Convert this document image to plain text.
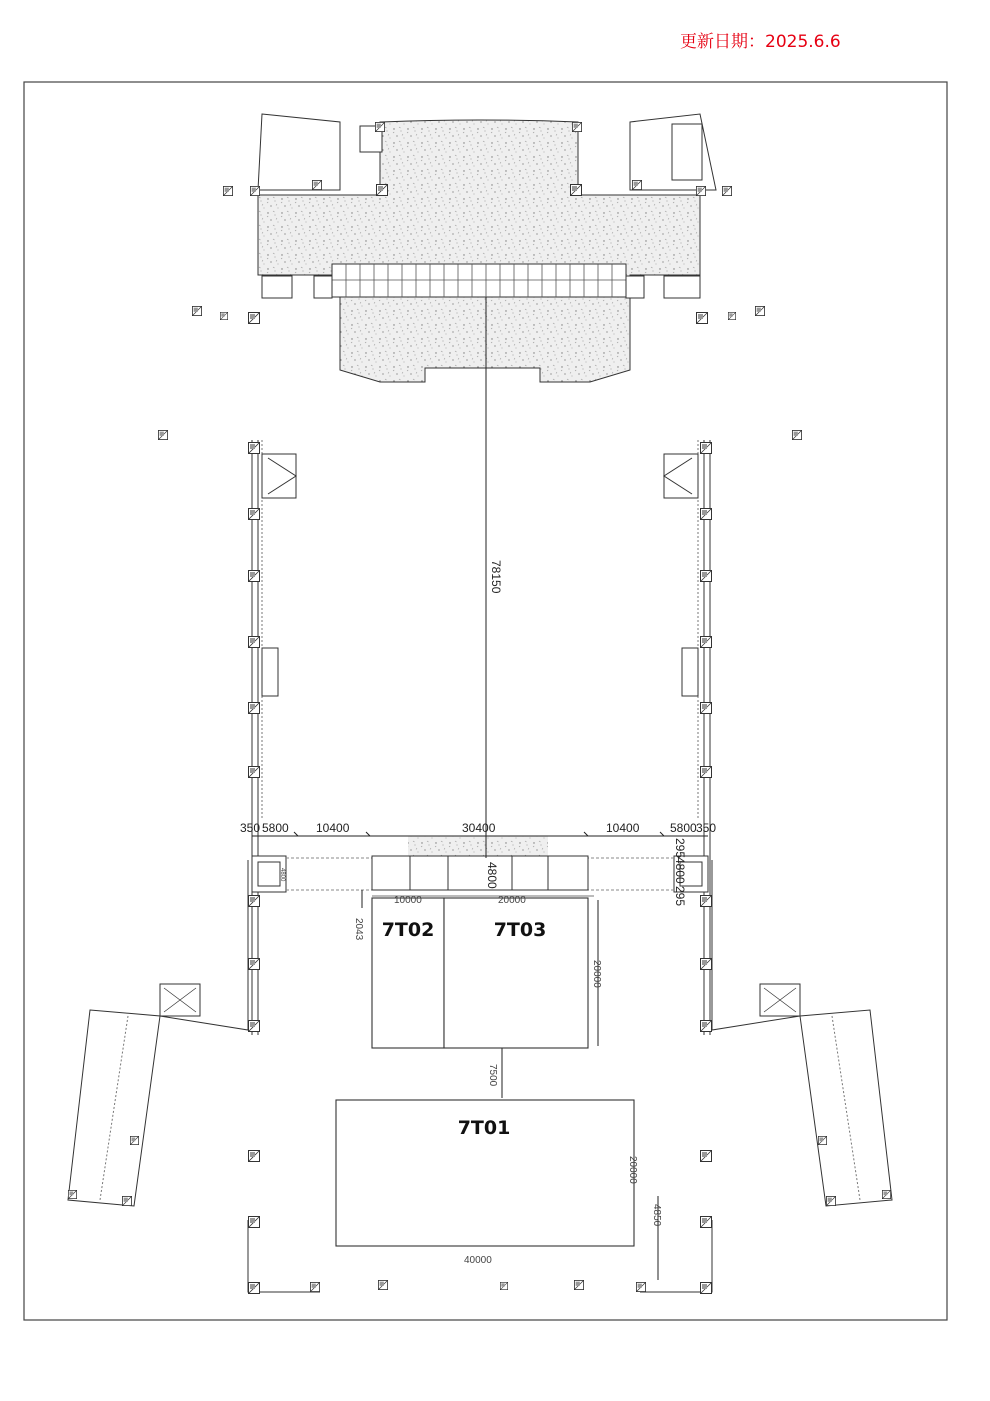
更新日期：2025.6.6
7T02	7T03
7T01
78150
350 5800 10400	30400	10400	5800 350
4800
295
4800
295
10000	20000
2043
20000
7500
20000
40000
4850
4800
